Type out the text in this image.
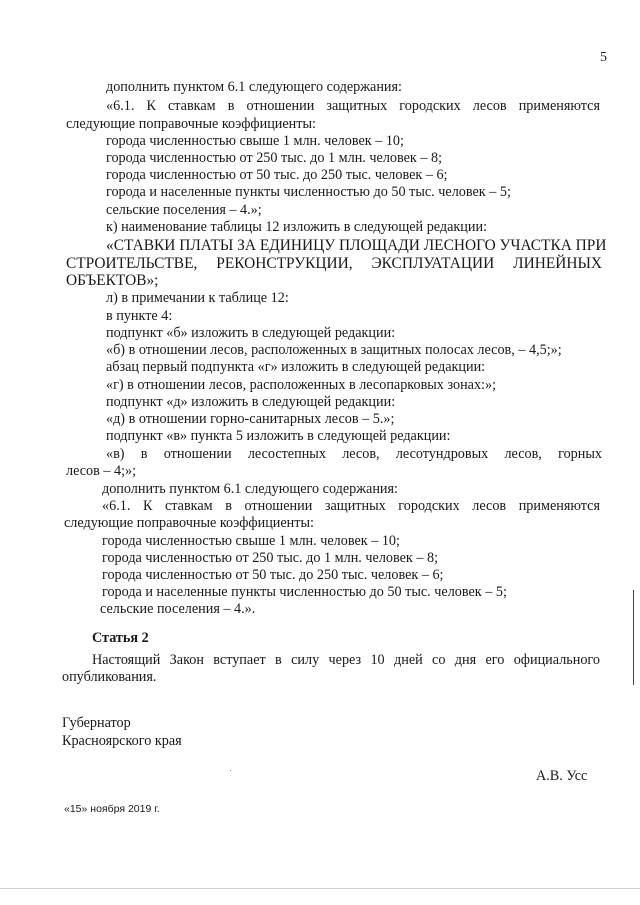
5
дополнить пунктом 6.1 следующего содержания:
«6.1. К ставкам в отношении защитных городских лесов применяются
следующие поправочные коэффициенты:
города численностью свыше 1 млн. человек – 10;
города численностью от 250 тыс. до 1 млн. человек – 8;
города численностью от 50 тыс. до 250 тыс. человек – 6;
города и населенные пункты численностью до 50 тыс. человек – 5;
сельские поселения – 4.»;
к) наименование таблицы 12 изложить в следующей редакции:
«СТАВКИ ПЛАТЫ ЗА ЕДИНИЦУ ПЛОЩАДИ ЛЕСНОГО УЧАСТКА ПРИ
СТРОИТЕЛЬСТВЕ, РЕКОНСТРУКЦИИ, ЭКСПЛУАТАЦИИ ЛИНЕЙНЫХ
ОБЪЕКТОВ»;
л) в примечании к таблице 12:
в пункте 4:
подпункт «б» изложить в следующей редакции:
«б) в отношении лесов, расположенных в защитных полосах лесов, – 4,5;»;
абзац первый подпункта «г» изложить в следующей редакции:
«г) в отношении лесов, расположенных в лесопарковых зонах:»;
подпункт «д» изложить в следующей редакции:
«д) в отношении горно-санитарных лесов – 5.»;
подпункт «в» пункта 5 изложить в следующей редакции:
«в) в отношении лесостепных лесов, лесотундровых лесов, горных
лесов – 4;»;
дополнить пунктом 6.1 следующего содержания:
«6.1. К ставкам в отношении защитных городских лесов применяются
следующие поправочные коэффициенты:
города численностью свыше 1 млн. человек – 10;
города численностью от 250 тыс. до 1 млн. человек – 8;
города численностью от 50 тыс. до 250 тыс. человек – 6;
города и населенные пункты численностью до 50 тыс. человек – 5;
сельские поселения – 4.».
Статья 2
Настоящий Закон вступает в силу через 10 дней со дня его официального
опубликования.
Губернатор
Красноярского края
А.В. Усс
«15» ноября 2019 г.
